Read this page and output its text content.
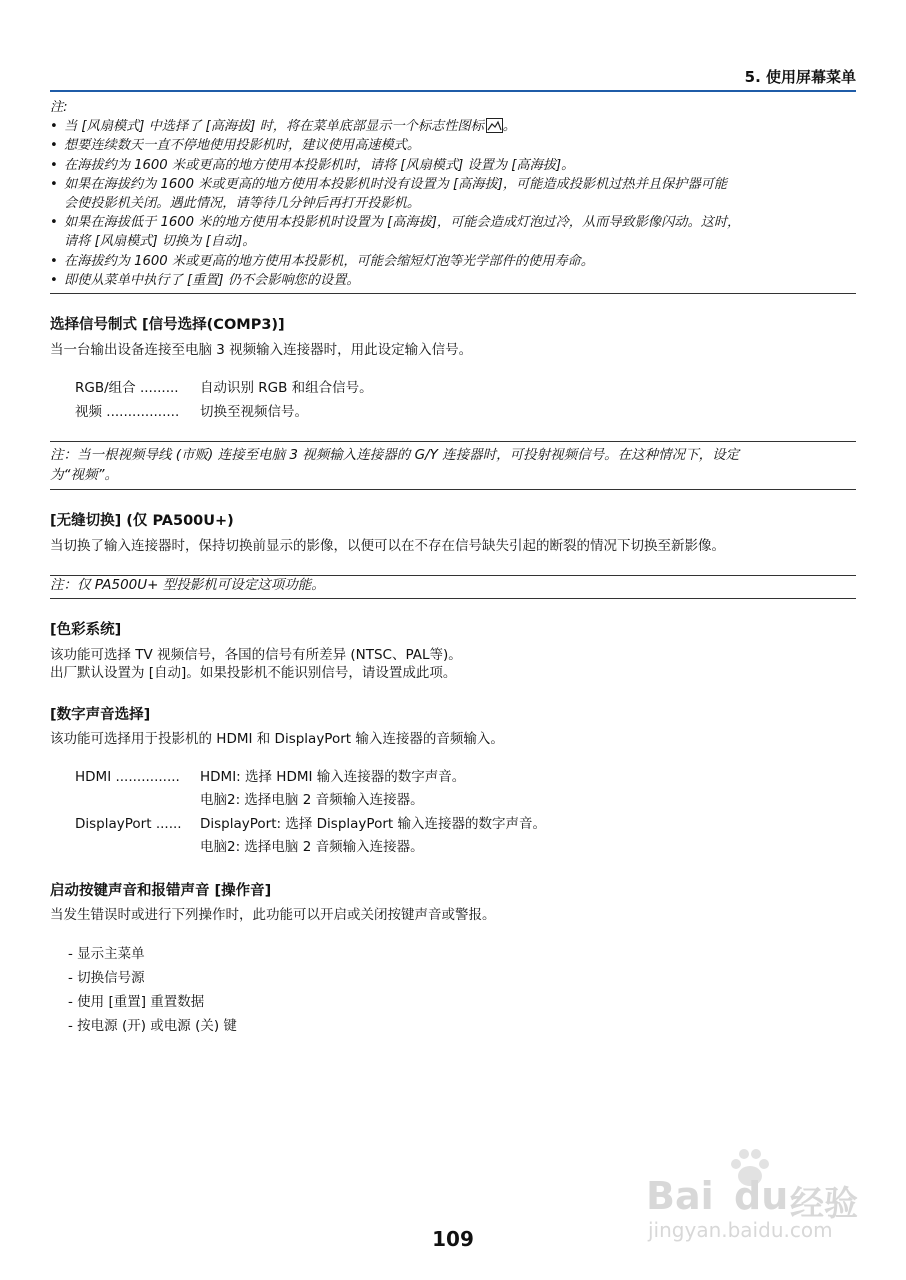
5. 使用屏幕菜单
注:
• 当 [风扇模式] 中选择了 [高海拔] 时，将在菜单底部显示一个标志性图标 。
• 想要连续数天一直不停地使用投影机时，建议使用高速模式。
• 在海拔约为 1600 米或更高的地方使用本投影机时，请将 [风扇模式] 设置为 [高海拔]。
• 如果在海拔约为 1600 米或更高的地方使用本投影机时没有设置为 [高海拔]，可能造成投影机过热并且保护器可能
会使投影机关闭。遇此情况，请等待几分钟后再打开投影机。
• 如果在海拔低于 1600 米的地方使用本投影机时设置为 [高海拔]，可能会造成灯泡过冷，从而导致影像闪动。这时，
请将 [风扇模式] 切换为 [自动]。
• 在海拔约为 1600 米或更高的地方使用本投影机，可能会缩短灯泡等光学部件的使用寿命。
• 即使从菜单中执行了 [重置] 仍不会影响您的设置。
选择信号制式 [信号选择(COMP3)]
当一台输出设备连接至电脑 3 视频输入连接器时，用此设定输入信号。
RGB/组合 ......... 自动识别 RGB 和组合信号。
视频 ................. 切换至视频信号。
注：当一根视频导线 (市贩) 连接至电脑 3 视频输入连接器的 G/Y 连接器时，可投射视频信号。在这种情况下，设定
为“视频”。
[无缝切换] (仅 PA500U+)
当切换了输入连接器时，保持切换前显示的影像，以便可以在不存在信号缺失引起的断裂的情况下切换至新影像。
注：仅 PA500U+ 型投影机可设定这项功能。
[色彩系统]
该功能可选择 TV 视频信号，各国的信号有所差异 (NTSC、PAL等)。
出厂默认设置为 [自动]。如果投影机不能识别信号，请设置成此项。
[数字声音选择]
该功能可选择用于投影机的 HDMI 和 DisplayPort 输入连接器的音频输入。
HDMI ............... HDMI: 选择 HDMI 输入连接器的数字声音。
电脑2: 选择电脑 2 音频输入连接器。
DisplayPort ...... DisplayPort: 选择 DisplayPort 输入连接器的数字声音。
电脑2: 选择电脑 2 音频输入连接器。
启动按键声音和报错声音 [操作音]
当发生错误时或进行下列操作时，此功能可以开启或关闭按键声音或警报。
- 显示主菜单
- 切换信号源
- 使用 [重置] 重置数据
- 按电源 (开) 或电源 (关) 键
Bai du 经验
jingyan.baidu.com
109
